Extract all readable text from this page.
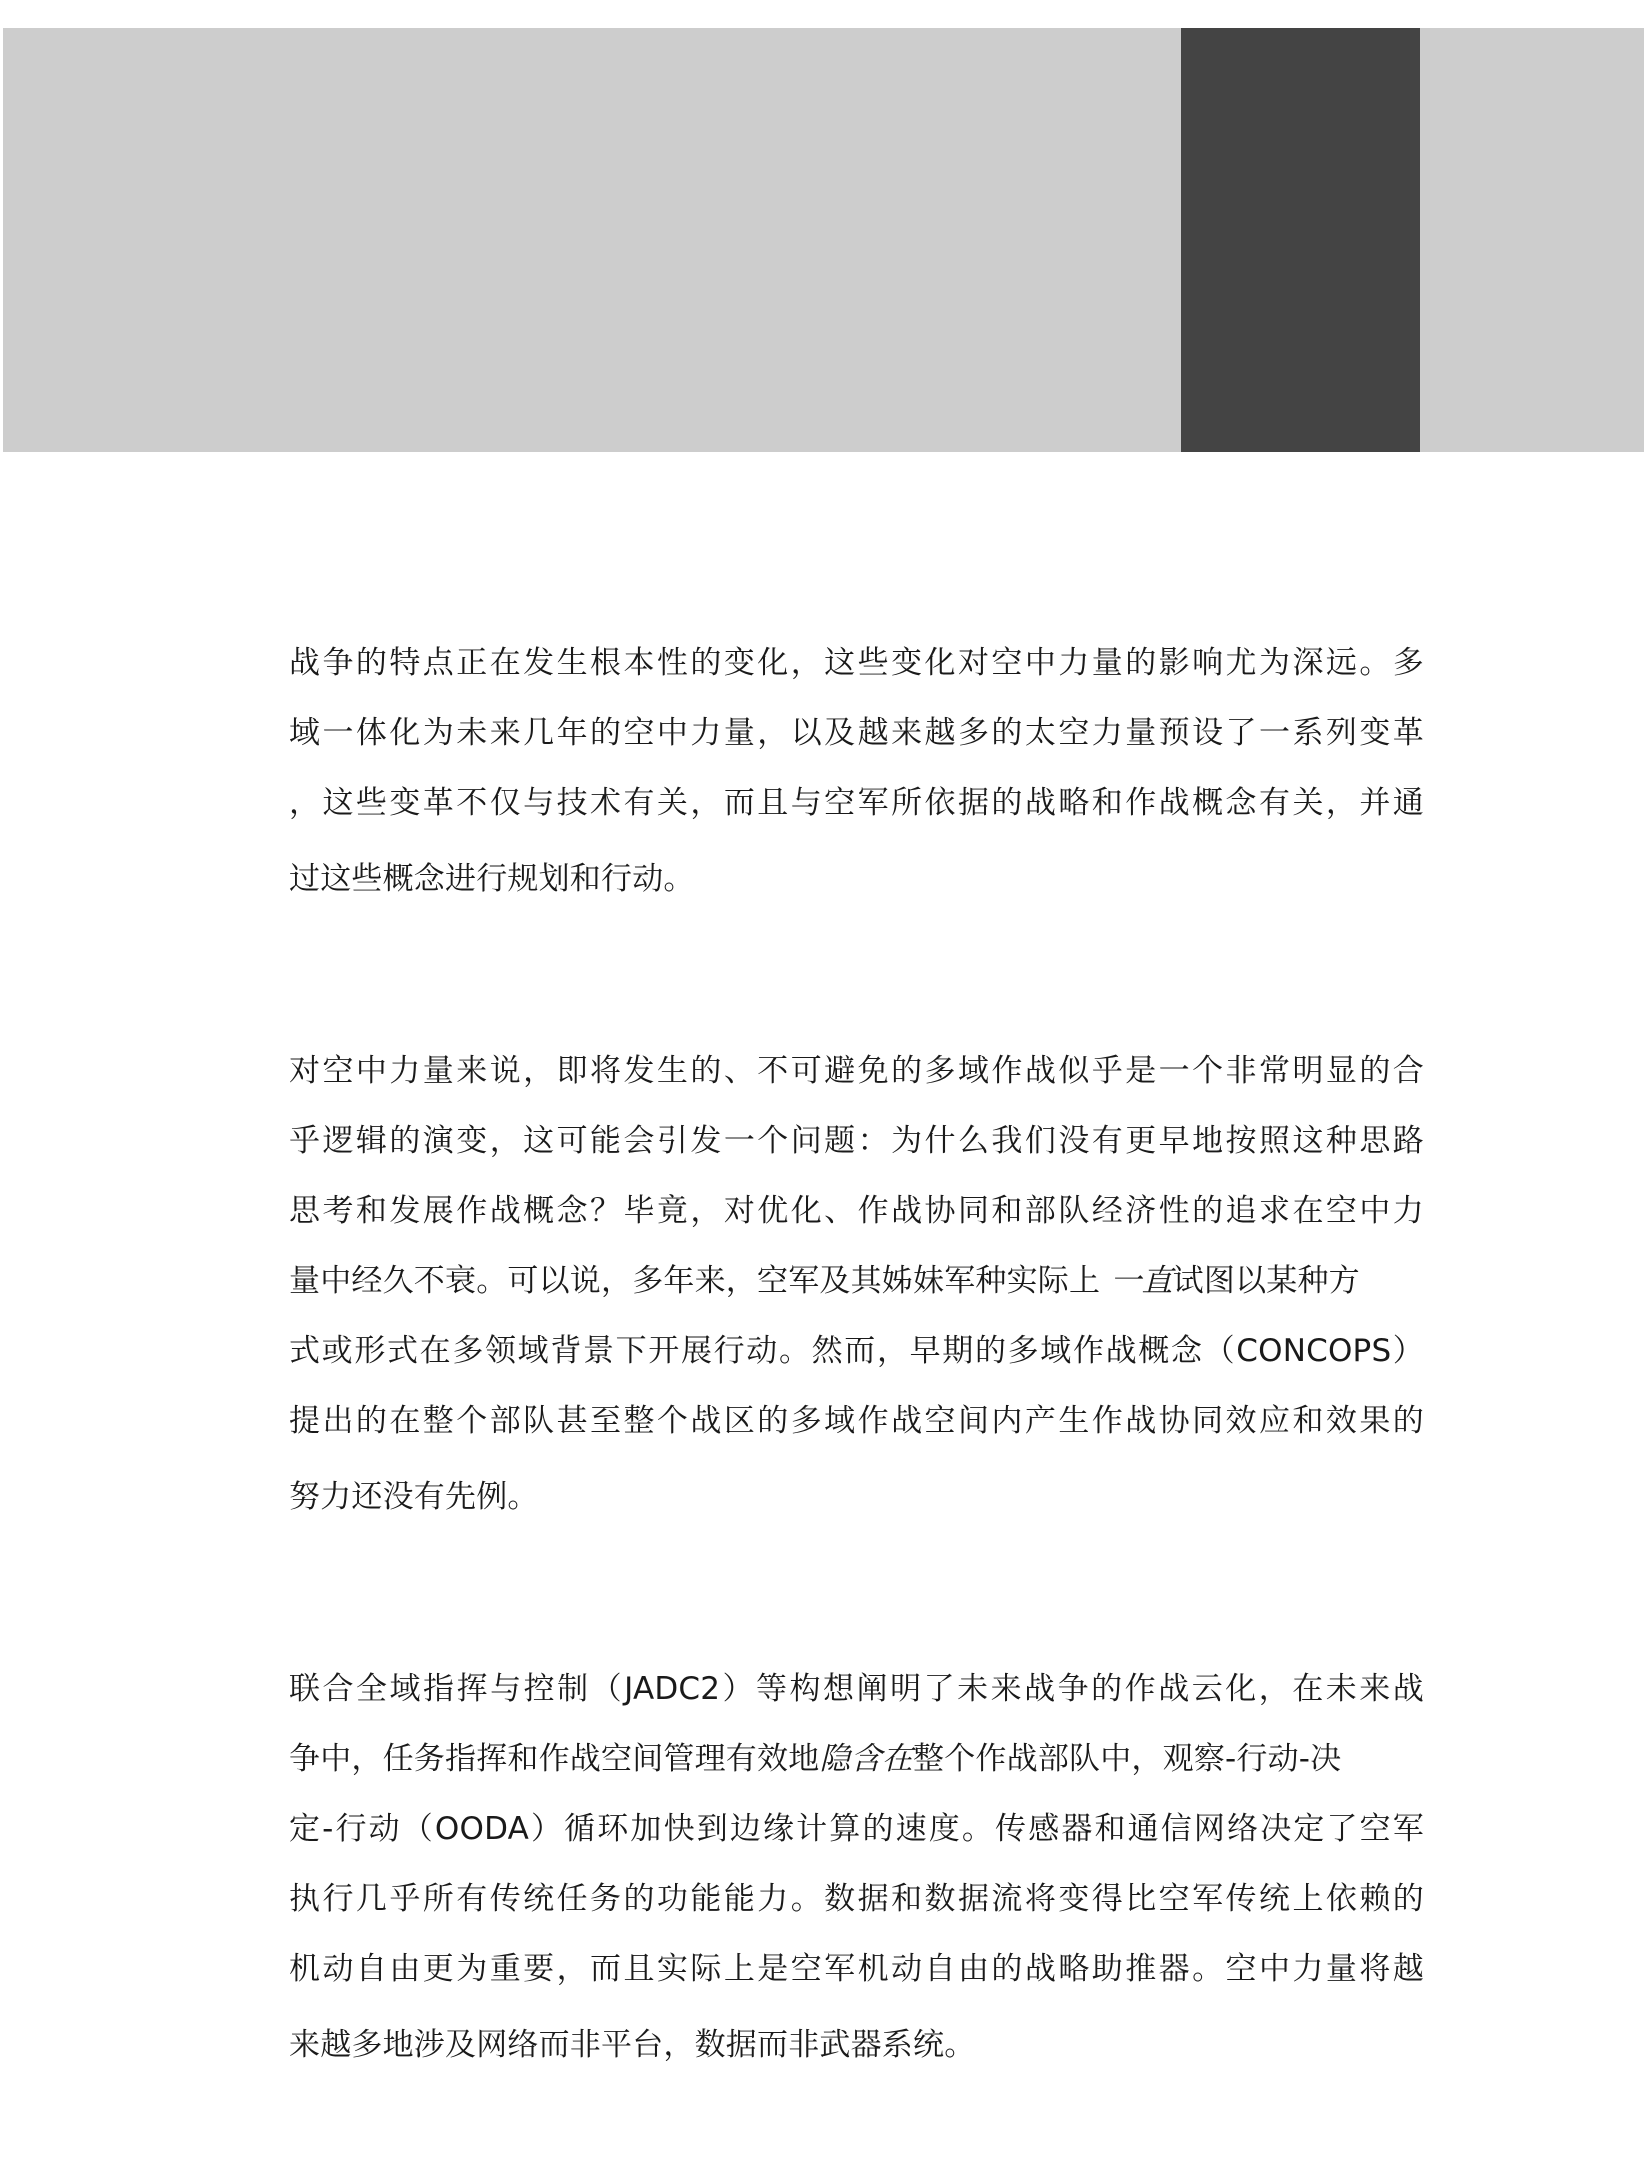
战争的特点正在发生根本性的变化，这些变化对空中力量的影响尤为深远。多
域一体化为未来几年的空中力量，以及越来越多的太空力量预设了一系列变革
，这些变革不仅与技术有关，而且与空军所依据的战略和作战概念有关，并通
过这些概念进行规划和行动。

对空中力量来说，即将发生的、不可避免的多域作战似乎是一个非常明显的合
乎逻辑的演变，这可能会引发一个问题：为什么我们没有更早地按照这种思路
思考和发展作战概念？毕竟，对优化、作战协同和部队经济性的追求在空中力
量中经久不衰。可以说，多年来，空军及其姊妹军种实际上 一直试图以某种方
式或形式在多领域背景下开展行动。然而，早期的多域作战概念（CONCOPS）
提出的在整个部队甚至整个战区的多域作战空间内产生作战协同效应和效果的
努力还没有先例。

联合全域指挥与控制（JADC2）等构想阐明了未来战争的作战云化，在未来战
争中，任务指挥和作战空间管理有效地隐含在整个作战部队中，观察-行动-决
定-行动（OODA）循环加快到边缘计算的速度。传感器和通信网络决定了空军
执行几乎所有传统任务的功能能力。数据和数据流将变得比空军传统上依赖的
机动自由更为重要，而且实际上是空军机动自由的战略助推器。空中力量将越
来越多地涉及网络而非平台，数据而非武器系统。
